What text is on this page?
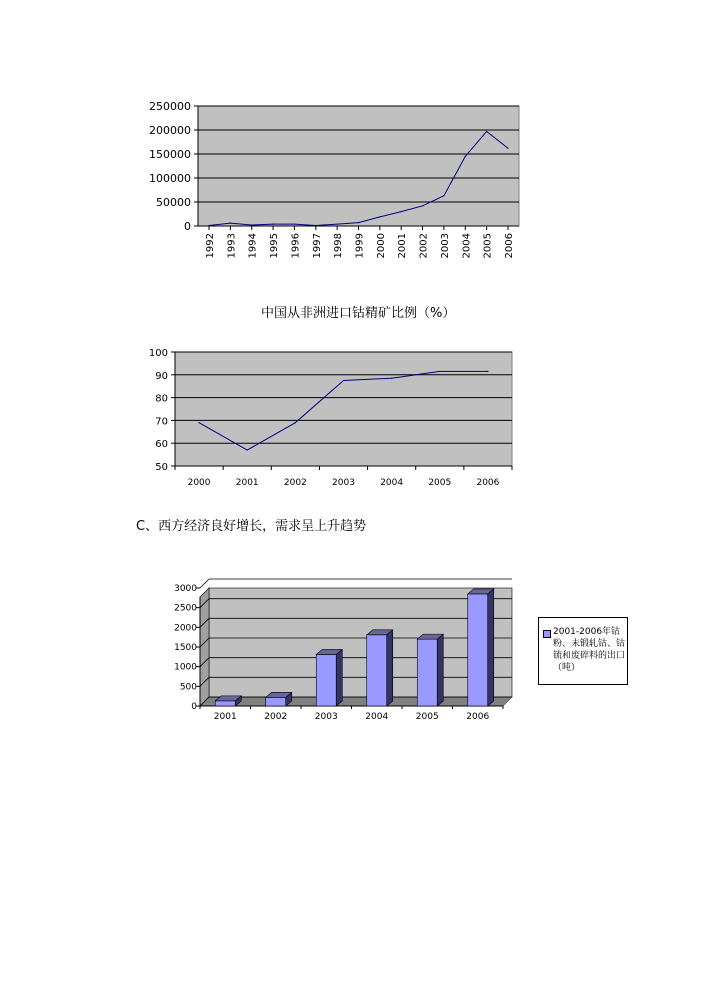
0
50000
100000
150000
200000
250000
1992 1993 1994 1995 1996 1997 1998 1999 2000 2001 2002 2003 2004 2005 2006
50
60
70
80
90
100
2000	2001	2002	2003	2004	2005	2006
0
500
1000
1500
2000
2500
3000
2001	2002	2003	2004	2005	2006
中国从非洲进口钴精矿比例（%）
C、西方经济良好增长，需求呈上升趋势
2001-2006年钴粉、未锻轧钴、钴锍和废碎料的出口（吨）
